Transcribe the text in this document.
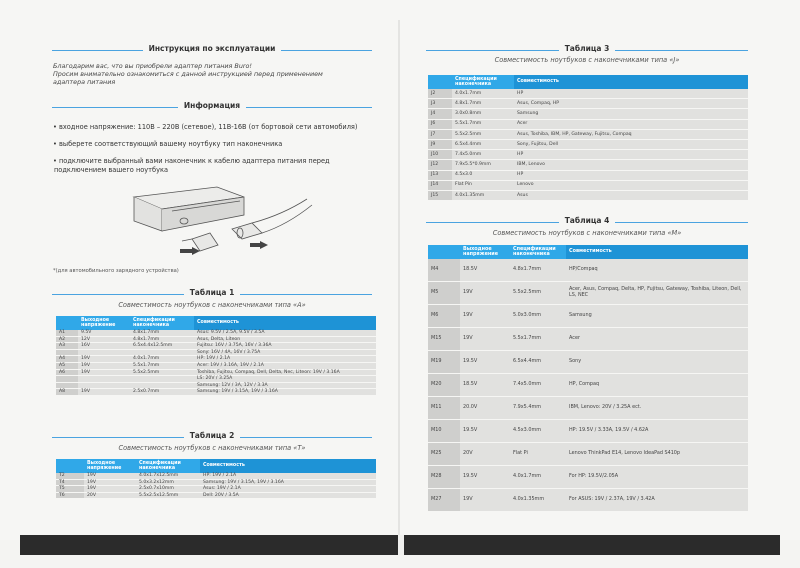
Инструкция по эксплуатации
Благодарим вас, что вы приобрели адаптер питания Buro!
Просим внимательно ознакомиться с данной инструкцией перед применением
адаптера питания
Информация
• входное напряжение: 110В – 220В (сетевое), 11В-16В (от бортовой сети автомобиля)
• выберете соответствующий вашему ноутбуку тип наконечника
• подключите выбранный вами наконечник к кабелю адаптера питания перед
подключением вашего ноутбука
*(для автомобильного зарядного устройства)
Таблица 1
Совместимость ноутбуков с наконечниками типа «А»
	Выходное напряжение	Спецификации наконечника	Совместимость
A1	9.5V	4.8x1.7mm	Asus: 9.5V / 2.5A, 9.5V / 3.5A
A2	12V	4.8x1.7mm	Asus, Delta, Liteon
A3	16V	6.5x4.4x12.5mm	Fujitsu: 16V / 3.75A, 16V / 3.36A
			Sony: 16V / 4A, 16V / 3.75A
A4	19V	4.0x1.7mm	HP: 19V / 2.1A
A5	19V	5.5x1.7mm	Acer: 19V / 3.16A, 19V / 2.1A
A6	19V	5.5x2.5mm	Toshiba, Fujitsu, Compaq, Dell, Delta, Nec, Liteon: 19V / 3.16A
			LS: 20V / 3.25A
			Samsung: 12V / 3A, 12V / 3.3A
A8	19V	2.5x0.7mm	Samsung: 19V / 3.15A, 19V / 3.16A
Таблица 2
Совместимость ноутбуков с наконечниками типа «Т»
	Выходное напряжение	Спецификации наконечника	Совместимость
T2	19V	4.0x1.7x12.5mm	HP: 19V / 2.1A
T4	19V	5.0x3.2x12mm	Samsung: 19V / 3.15A, 19V / 3.16A
T5	19V	2.5x0.7x10mm	Asus: 19V / 2.1A
T6	20V	5.5x2.5x12.5mm	Dell: 20V / 3.5A
Таблица 3
Совместимость ноутбуков с наконечниками типа «J»
	Спецификации наконечника	Совместимость
J2	4.0x1.7mm	HP
J3	4.8x1.7mm	Asus, Compaq, HP
J4	3.0x0.8mm	Samsung
J6	5.5x1.7mm	Acer
J7	5.5x2.5mm	Asus, Toshiba, IBM, HP, Gateway, Fujitsu, Compaq
J9	6.5x4.4mm	Sony, Fujitsu, Dell
J10	7.4x5.0mm	HP
J12	7.9x5.5*0.9mm	IBM, Lenovo
J13	4.5x3.0	HP
J14	Flat Pin	Lenovo
J15	4.0x1.35mm	Asus
Таблица 4
Совместимость ноутбуков с наконечниками типа «М»
	Выходное напряжение	Спецификации наконечника	Совместимость
M4	18.5V	4.8x1.7mm	HP/Compaq
M5	19V	5.5x2.5mm	Acer, Asus, Compaq, Delta, HP, Fujitsu, Gateway, Toshiba, Liteon, Dell, LS, NEC
M6	19V	5.0x3.0mm	Samsung
M15	19V	5.5x1.7mm	Acer
M19	19.5V	6.5x4.4mm	Sony
M20	18.5V	7.4x5.0mm	HP, Compaq
M11	20.0V	7.9x5.4mm	IBM, Lenovo: 20V / 3.25A ect.
M10	19.5V	4.5x3.0mm	HP: 19.5V / 3.33A, 19.5V / 4.62A
M25	20V	Flat Pi	Lenovo ThinkPad E14, Lenovo IdeaPad S410p
M28	19.5V	4.0x1.7mm	For HP: 19.5V/2.05A
M27	19V	4.0x1.35mm	For ASUS: 19V / 2.37A, 19V / 3.42A
